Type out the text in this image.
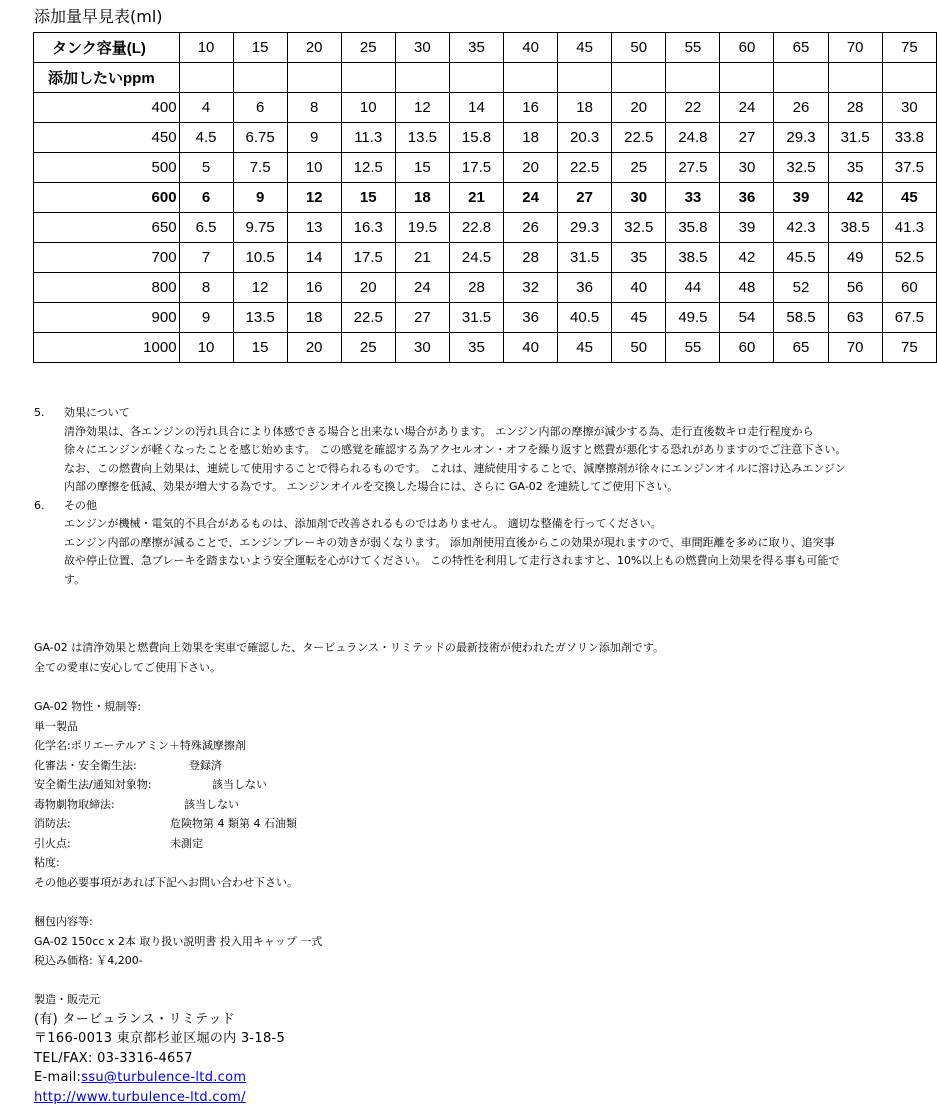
添加量早見表(ml)
タンク容量(L)	10	15	20	25	30	35	40	45	50	55	60	65	70	75
添加したいppm														
400	4	6	8	10	12	14	16	18	20	22	24	26	28	30
450	4.5	6.75	9	11.3	13.5	15.8	18	20.3	22.5	24.8	27	29.3	31.5	33.8
500	5	7.5	10	12.5	15	17.5	20	22.5	25	27.5	30	32.5	35	37.5
600	6	9	12	15	18	21	24	27	30	33	36	39	42	45
650	6.5	9.75	13	16.3	19.5	22.8	26	29.3	32.5	35.8	39	42.3	38.5	41.3
700	7	10.5	14	17.5	21	24.5	28	31.5	35	38.5	42	45.5	49	52.5
800	8	12	16	20	24	28	32	36	40	44	48	52	56	60
900	9	13.5	18	22.5	27	31.5	36	40.5	45	49.5	54	58.5	63	67.5
1000	10	15	20	25	30	35	40	45	50	55	60	65	70	75
5. 効果について
清浄効果は、各エンジンの汚れ具合により体感できる場合と出来ない場合があります。 エンジン内部の摩擦が減少する為、走行直後数キロ走行程度から
徐々にエンジンが軽くなったことを感じ始めます。 この感覚を確認する為アクセルオン・オフを繰り返すと燃費が悪化する恐れがありますのでご注意下さい。
なお、この燃費向上効果は、連続して使用することで得られるものです。 これは、連続使用することで、減摩擦剤が徐々にエンジンオイルに溶け込みエンジン
内部の摩擦を低減、効果が増大する為です。 エンジンオイルを交換した場合には、さらに GA-02 を連続してご使用下さい。
6. その他
エンジンが機械・電気的不具合があるものは、添加剤で改善されるものではありません。 適切な整備を行ってください。
エンジン内部の摩擦が減ることで、エンジンブレーキの効きが弱くなります。 添加剤使用直後からこの効果が現れますので、車間距離を多めに取り、追突事
故や停止位置、急ブレーキを踏まないよう安全運転を心がけてください。 この特性を利用して走行されますと、10%以上もの燃費向上効果を得る事も可能で
す。
GA-02 は清浄効果と燃費向上効果を実車で確認した、タービュランス・リミテッドの最新技術が使われたガソリン添加剤です。
全ての愛車に安心してご使用下さい。
GA-02 物性・規制等:
単一製品
化学名:ポリエーテルアミン＋特殊減摩擦剤
化審法・安全衛生法:	登録済
安全衛生法/通知対象物:	該当しない
毒物劇物取締法:	該当しない
消防法:	危険物第 4 類第 4 石油類
引火点:	未測定
粘度:
その他必要事項があれば下記へお問い合わせ下さい。
梱包内容等:
GA-02 150cc x 2本 取り扱い説明書 投入用キャップ 一式
税込み価格: ￥4,200-
製造・販売元
(有) タービュランス・リミテッド
〒166-0013 東京都杉並区堀の内 3-18-5
TEL/FAX: 03-3316-4657
E-mail:ssu@turbulence-ltd.com
http://www.turbulence-ltd.com/
